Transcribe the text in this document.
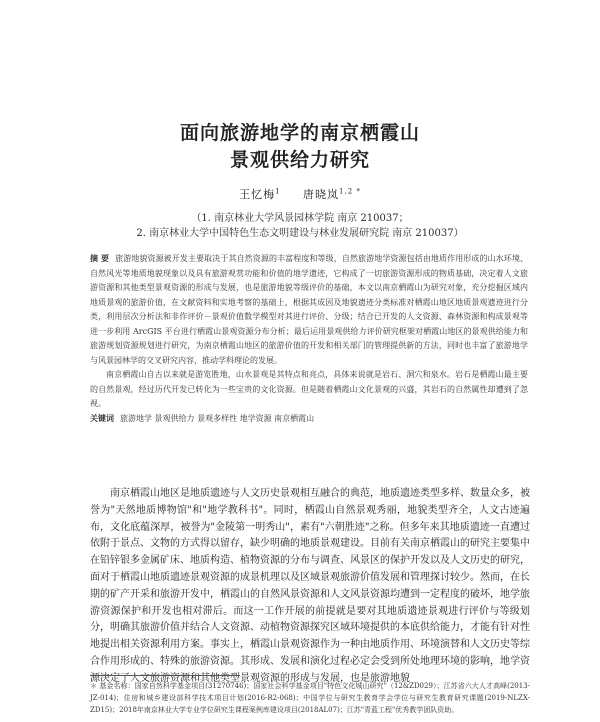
面向旅游地学的南京栖霞山
景观供给力研究
王忆梅$^1$ 唐晓岚$^{1,2 *}$
（1. 南京林业大学风景园林学院 南京 210037；
2. 南京林业大学中国特色生态文明建设与林业发展研究院 南京 210037）

摘 要 旅游地貌资源被开发主要取决于其自然资源的丰富程度和等级，自然旅游地学资源包括由地质作用形成的山水环境、自然风光等地质地貌现象以及具有旅游观赏功能和价值的地学遗迹，它构成了一切旅游资源形成的物质基础，决定着人文旅游资源和其他类型景观资源的形成与发展，也是旅游地貌等级评价的基础，本文以南京栖霞山为研究对象，充分挖掘区域内地质景观的旅游价值，在文献资料和实地考察的基础上，根据其成因及地貌遗迹分类标准对栖霞山地区地质景观遗迹进行分类，利用层次分析法和非作评价－景观价值数学模型对其进行评价、分级；结合已开发的人文资源、森林资源和构成景观等进一步利用 ArcGIS 平台进行栖霞山景观资源分布分析；最后运用景观供给力评价研究框架对栖霞山地区的景观供给能力和旅游规划资源规划进行研究，为南京栖霞山地区的旅游价值的开发和相关部门的管理提供新的方法，同时也丰富了旅游地学与风景园林学的交叉研究内容，推动学科理论的发展。

南京栖霞山自古以来就是游览胜地，山水景观是其特点和亮点，具体来说就是岩石、洞穴和泉水。岩石是栖霞山最主要的自然景观，经过历代开发已转化为一些宝贵的文化资源。但是随着栖霞山文化景观的兴盛，其岩石的自然属性却遭到了忽视。

关键词 旅游地学 景观供给力 景观多样性 地学资源 南京栖霞山

南京栖霞山地区是地质遗迹与人文历史景观相互融合的典范，地质遗迹类型多样、数量众多，被誉为"天然地质博物馆"和"地学教科书"。同时，栖霞山自然景观秀丽，地貌类型齐全，人文古迹遍布，文化底蕴深厚，被誉为"金陵第一明秀山"，素有"六朝胜迹"之称。但多年来其地质遗迹一直遭过依附于景点、文物的方式得以留存，缺少明确的地质景观建设。目前有关南京栖霞山的研究主要集中在铅锌银多金属矿床、地质构造、植物资源的分布与调查、风景区的保护开发以及人文历史的研究，面对于栖霞山地质遗迹景观资源的成景机理以及区域景观旅游价值发展和管理探讨较少。然而，在长期的矿产开采和旅游开发中，栖霞山的自然风景资源和人文风景资源均遭到一定程度的破坏，地学旅游资源保护和开发也相对滞后。而这一工作开展的前提就是要对其地质遗迹景观进行评价与等级划分，明确其旅游价值并结合人文资源、动植物资源探究区域环境提供的本底供给能力，才能有针对性地提出相关资源利用方案。事实上，栖霞山景观资源作为一种由地质作用、环境演替和人文历史等综合作用形成的、特殊的旅游资源。其形成、发展和演化过程必定会受到所处地理环境的影响，地学资源决定了人文旅游资源和其他类型景观资源的形成与发展，也是旅游地貌

＊ 基金名称：国家自然科学基金项目(31270746)；国家社会科学基金项目"特色文化城山研究"（12&ZD029）；江苏省六大人才高峰(2013-JZ-014)；住房和城乡建设部科学技术项目计划(2016-R2-068)；中国学位与研究生教育学会学位与研究生教育研究课题(2019-NLZX-ZD15)；2018年南京林业大学专业学位研究生课程案例库建设项目(2018AL07)；江苏"青蓝工程"优秀教学团队资助。
